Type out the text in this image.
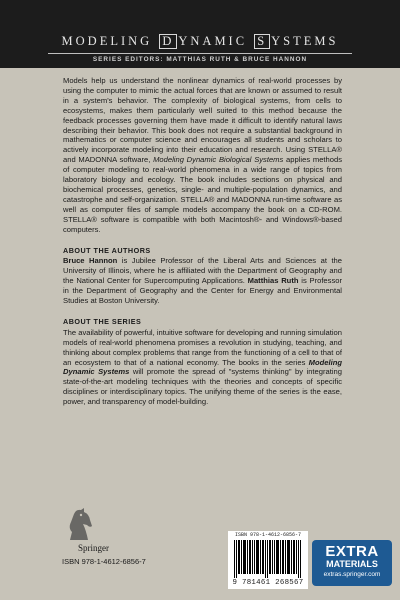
MODELING D YNAMIC S YSTEMS
SERIES EDITORS: MATTHIAS RUTH & BRUCE HANNON

Models help us understand the nonlinear dynamics of real-world processes by using the computer to mimic the actual forces that are known or assumed to result in a system's behavior. The complexity of biological systems, from cells to ecosystems, makes them particularly well suited to this method because the feedback processes governing them have made it difficult to identify natural laws describing their behavior. This book does not require a substantial background in mathematics or computer science and encourages all students and scholars to actively incorporate modeling into their education and research. Using STELLA® and MADONNA software, Modeling Dynamic Biological Systems applies methods of computer modeling to real-world phenomena in a wide range of topics from laboratory biology and ecology. The book includes sections on physical and biochemical processes, genetics, single- and multiple-population dynamics, and catastrophe and self-organization. STELLA® and MADONNA run-time software as well as computer files of sample models accompany the book on a CD-ROM. STELLA® software is compatible with both Macintosh®- and Windows®-based computers.

ABOUT THE AUTHORS

Bruce Hannon is Jubilee Professor of the Liberal Arts and Sciences at the University of Illinois, where he is affiliated with the Department of Geography and the National Center for Supercomputing Applications. Matthias Ruth is Professor in the Department of Geography and the Center for Energy and Environmental Studies at Boston University.

ABOUT THE SERIES

The availability of powerful, intuitive software for developing and running simulation models of real-world phenomena promises a revolution in studying, teaching, and thinking about complex problems that range from the functioning of a cell to that of an ecosystem to that of a national economy. The books in the series Modeling Dynamic Systems will promote the spread of "systems thinking" by integrating state-of-the-art modeling techniques with the theories and concepts of specific disciplines or interdisciplinary topics. The unifying theme of the series is the ease, power, and transparency of model-building.

Springer
ISBN 978-1-4612-6856-7
ISBN 978-1-4612-6856-7
9 781461 268567
EXTRA
MATERIALS
extras.springer.com
